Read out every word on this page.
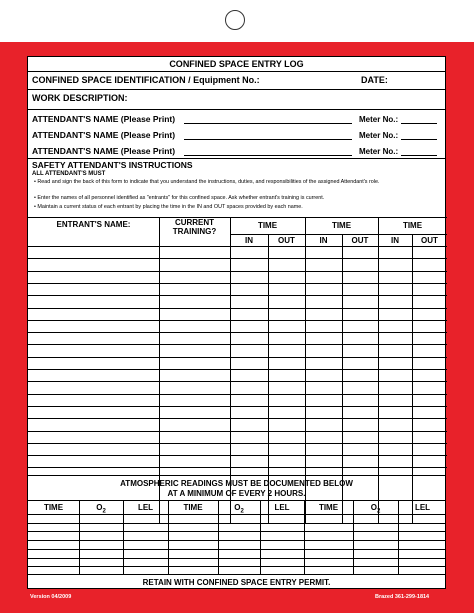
CONFINED SPACE ENTRY LOG
CONFINED SPACE IDENTIFICATION / Equipment No.:	DATE:
WORK DESCRIPTION:
ATTENDANT'S NAME (Please Print)	Meter No.:
ATTENDANT'S NAME (Please Print)	Meter No.:
ATTENDANT'S NAME (Please Print)	Meter No.:
SAFETY ATTENDANT'S INSTRUCTIONS
ALL ATTENDANT'S MUST
• Read and sign the back of this form to indicate that you understand the instructions, duties, and responsibilities of the assigned Attendant's role.
• Enter the names of all personnel identified as "entrants" for this confined space. Ask whether entrant's training is current.
• Maintain a current status of each entrant by placing the time in the IN and OUT spaces provided by each name.
ENTRANT'S NAME:	CURRENT TRAINING?
TIME	TIME	TIME
IN	OUT	IN	OUT	IN	OUT
ATMOSPHERIC READINGS MUST BE DOCUMENTED BELOW
AT A MINIMUM OF EVERY 2 HOURS.
TIME	$O_2$	LEL	TIME	$O_2$	LEL	TIME	$O_2$	LEL
RETAIN WITH CONFINED SPACE ENTRY PERMIT.
Version 04/2009	Brazed 361-299-1814
